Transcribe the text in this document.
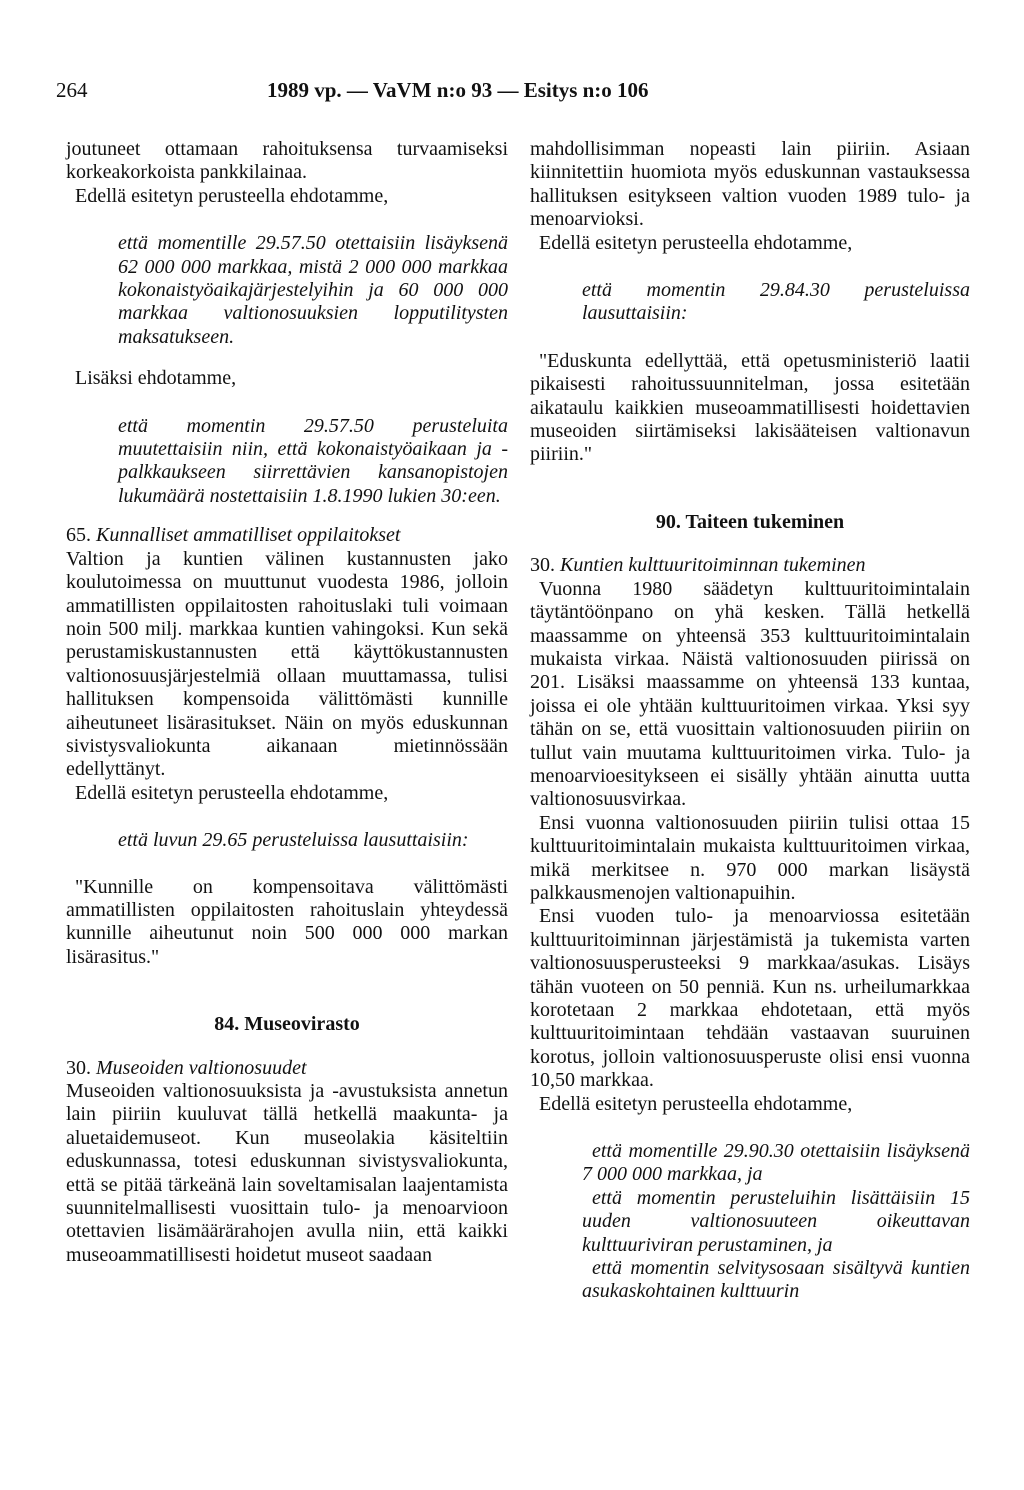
264	1989 vp. — VaVM n:o 93 — Esitys n:o 106

joutuneet ottamaan rahoituksensa turvaamiseksi korkeakorkoista pankkilainaa.

Edellä esitetyn perusteella ehdotamme,

että momentille 29.57.50 otettaisiin lisäyksenä 62 000 000 markkaa, mistä 2 000 000 markkaa kokonaistyöaikajärjestelyihin ja 60 000 000 markkaa valtionosuuksien lopputilitysten maksatukseen.

Lisäksi ehdotamme,

että momentin 29.57.50 perusteluita muutettaisiin niin, että kokonaistyöaikaan ja -palkkaukseen siirrettävien kansanopistojen lukumäärä nostettaisiin 1.8.1990 lukien 30:een.

65. Kunnalliset ammatilliset oppilaitokset

Valtion ja kuntien välinen kustannusten jako koulutoimessa on muuttunut vuodesta 1986, jolloin ammatillisten oppilaitosten rahoituslaki tuli voimaan noin 500 milj. markkaa kuntien vahingoksi. Kun sekä perustamiskustannusten että käyttökustannusten valtionosuusjärjestelmiä ollaan muuttamassa, tulisi hallituksen kompensoida välittömästi kunnille aiheutuneet lisärasitukset. Näin on myös eduskunnan sivistysvaliokunta aikanaan mietinnössään edellyttänyt.

Edellä esitetyn perusteella ehdotamme,

että luvun 29.65 perusteluissa lausuttaisiin:

"Kunnille on kompensoitava välittömästi ammatillisten oppilaitosten rahoituslain yhteydessä kunnille aiheutunut noin 500 000 000 markan lisärasitus."

84. Museovirasto

30. Museoiden valtionosuudet

Museoiden valtionosuuksista ja -avustuksista annetun lain piiriin kuuluvat tällä hetkellä maakunta- ja aluetaidemuseot. Kun museolakia käsiteltiin eduskunnassa, totesi eduskunnan sivistysvaliokunta, että se pitää tärkeänä lain soveltamisalan laajentamista suunnitelmallisesti vuosittain tulo- ja menoarvioon otettavien lisämäärärahojen avulla niin, että kaikki museoammatillisesti hoidetut museot saadaan

mahdollisimman nopeasti lain piiriin. Asiaan kiinnitettiin huomiota myös eduskunnan vastauksessa hallituksen esitykseen valtion vuoden 1989 tulo- ja menoarvioksi.

Edellä esitetyn perusteella ehdotamme,

että momentin 29.84.30 perusteluissa lausuttaisiin:

"Eduskunta edellyttää, että opetusministeriö laatii pikaisesti rahoitussuunnitelman, jossa esitetään aikataulu kaikkien museoammatillisesti hoidettavien museoiden siirtämiseksi lakisääteisen valtionavun piiriin."

90. Taiteen tukeminen

30. Kuntien kulttuuritoiminnan tukeminen

Vuonna 1980 säädetyn kulttuuritoimintalain täytäntöönpano on yhä kesken. Tällä hetkellä maassamme on yhteensä 353 kulttuuritoimintalain mukaista virkaa. Näistä valtionosuuden piirissä on 201. Lisäksi maassamme on yhteensä 133 kuntaa, joissa ei ole yhtään kulttuuritoimen virkaa. Yksi syy tähän on se, että vuosittain valtionosuuden piiriin on tullut vain muutama kulttuuritoimen virka. Tulo- ja menoarvioesitykseen ei sisälly yhtään ainutta uutta valtionosuusvirkaa.

Ensi vuonna valtionosuuden piiriin tulisi ottaa 15 kulttuuritoimintalain mukaista kulttuuritoimen virkaa, mikä merkitsee n. 970 000 markan lisäystä palkkausmenojen valtionapuihin.

Ensi vuoden tulo- ja menoarviossa esitetään kulttuuritoiminnan järjestämistä ja tukemista varten valtionosuusperusteeksi 9 markkaa/asukas. Lisäys tähän vuoteen on 50 penniä. Kun ns. urheilumarkkaa korotetaan 2 markkaa ehdotetaan, että myös kulttuuritoimintaan tehdään vastaavan suuruinen korotus, jolloin valtionosuusperuste olisi ensi vuonna 10,50 markkaa.

Edellä esitetyn perusteella ehdotamme,

että momentille 29.90.30 otettaisiin lisäyksenä 7 000 000 markkaa, ja

että momentin perusteluihin lisättäisiin 15 uuden valtionosuuteen oikeuttavan kulttuuriviran perustaminen, ja

että momentin selvitysosaan sisältyvä kuntien asukaskohtainen kulttuurin
